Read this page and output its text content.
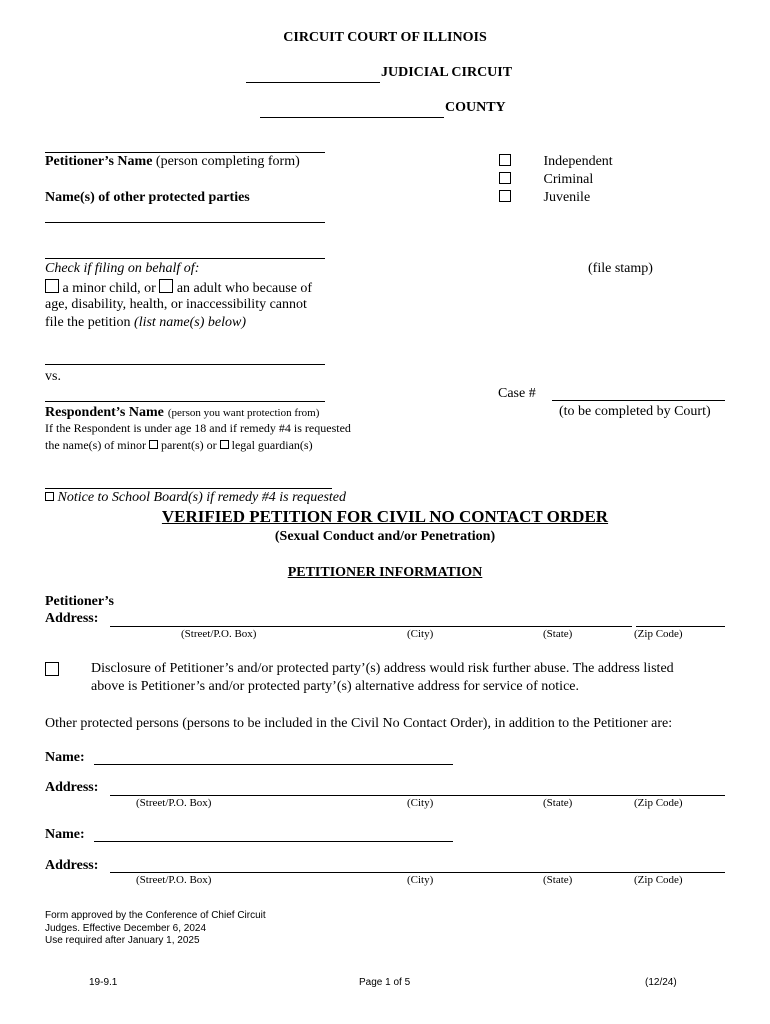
CIRCUIT COURT OF ILLINOIS
JUDICIAL CIRCUIT
COUNTY
Petitioner’s Name (person completing form)
Name(s) of other protected parties
Independent
Criminal
Juvenile
Check if filing on behalf of:
a minor child, or an adult who because of
age, disability, health, or inaccessibility cannot
file the petition (list name(s) below)
(file stamp)
vs.
Case #
(to be completed by Court)
Respondent’s Name (person you want protection from)
If the Respondent is under age 18 and if remedy #4 is requested
the name(s) of minor parent(s) or legal guardian(s)
Notice to School Board(s) if remedy #4 is requested
VERIFIED PETITION FOR CIVIL NO CONTACT ORDER
(Sexual Conduct and/or Penetration)
PETITIONER INFORMATION
Petitioner’s
Address:
(Street/P.O. Box)	(City)	(State)	(Zip Code)
Disclosure of Petitioner’s and/or protected party’(s) address would risk further abuse. The address listed
above is Petitioner’s and/or protected party’(s) alternative address for service of notice.
Other protected persons (persons to be included in the Civil No Contact Order), in addition to the Petitioner are:
Name:
Address:
(Street/P.O. Box)	(City)	(State)	(Zip Code)
Name:
Address:
(Street/P.O. Box)	(City)	(State)	(Zip Code)
Form approved by the Conference of Chief Circuit
Judges. Effective December 6, 2024
Use required after January 1, 2025
19-9.1	Page 1 of 5	(12/24)
